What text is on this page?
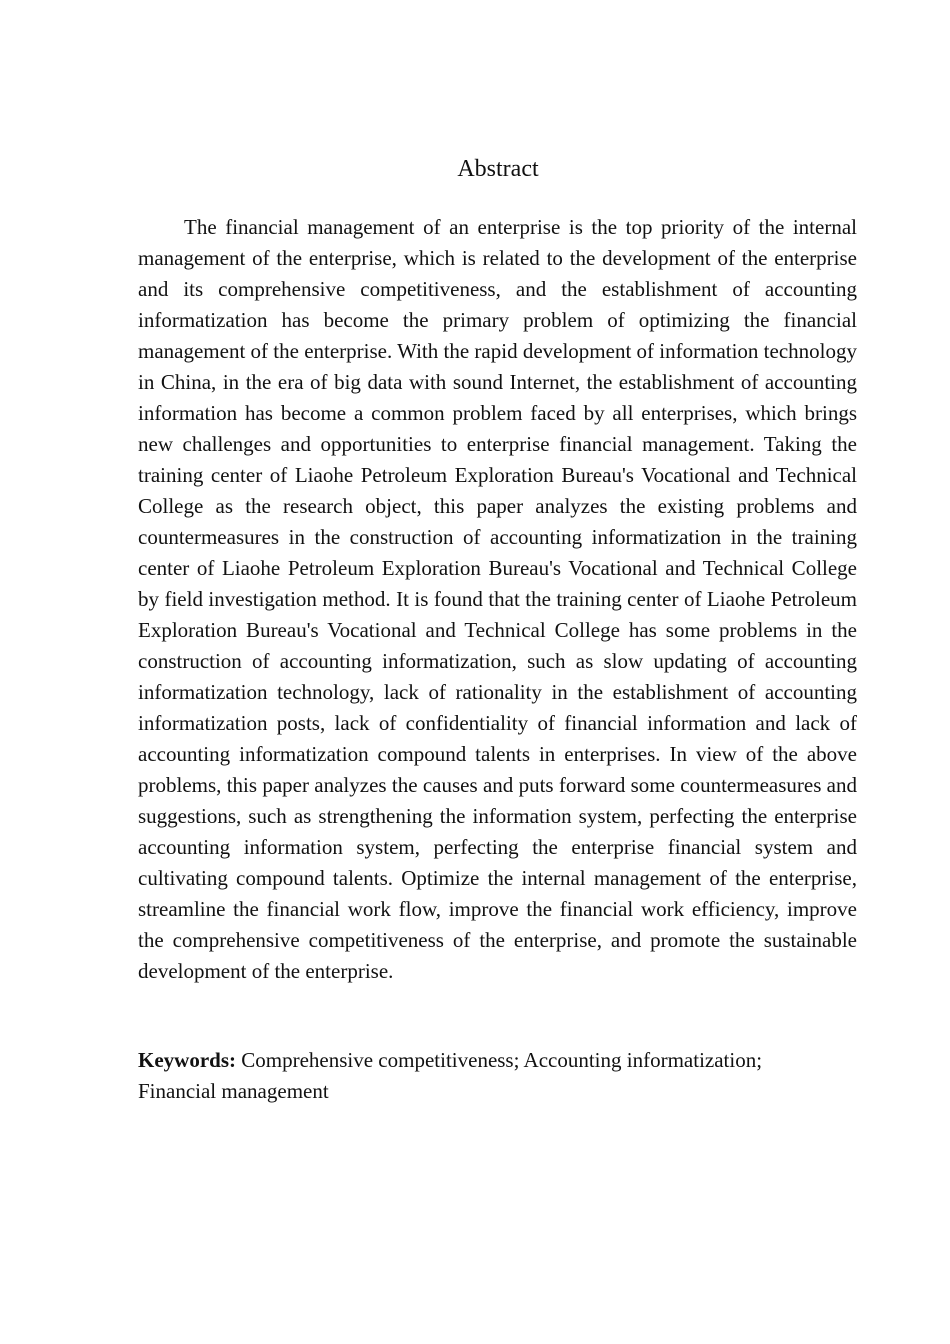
Abstract

The financial management of an enterprise is the top priority of the internal management of the enterprise, which is related to the development of the enterprise and its comprehensive competitiveness, and the establishment of accounting informatization has become the primary problem of optimizing the financial management of the enterprise. With the rapid development of information technology in China, in the era of big data with sound Internet, the establishment of accounting information has become a common problem faced by all enterprises, which brings new challenges and opportunities to enterprise financial management. Taking the training center of Liaohe Petroleum Exploration Bureau's Vocational and Technical College as the research object, this paper analyzes the existing problems and countermeasures in the construction of accounting informatization in the training center of Liaohe Petroleum Exploration Bureau's Vocational and Technical College by field investigation method. It is found that the training center of Liaohe Petroleum Exploration Bureau's Vocational and Technical College has some problems in the construction of accounting informatization, such as slow updating of accounting informatization technology, lack of rationality in the establishment of accounting informatization posts, lack of confidentiality of financial information and lack of accounting informatization compound talents in enterprises. In view of the above problems, this paper analyzes the causes and puts forward some countermeasures and suggestions, such as strengthening the information system, perfecting the enterprise accounting information system, perfecting the enterprise financial system and cultivating compound talents. Optimize the internal management of the enterprise, streamline the financial work flow, improve the financial work efficiency, improve the comprehensive competitiveness of the enterprise, and promote the sustainable development of the enterprise.

Keywords: Comprehensive competitiveness; Accounting informatization;
Financial management
